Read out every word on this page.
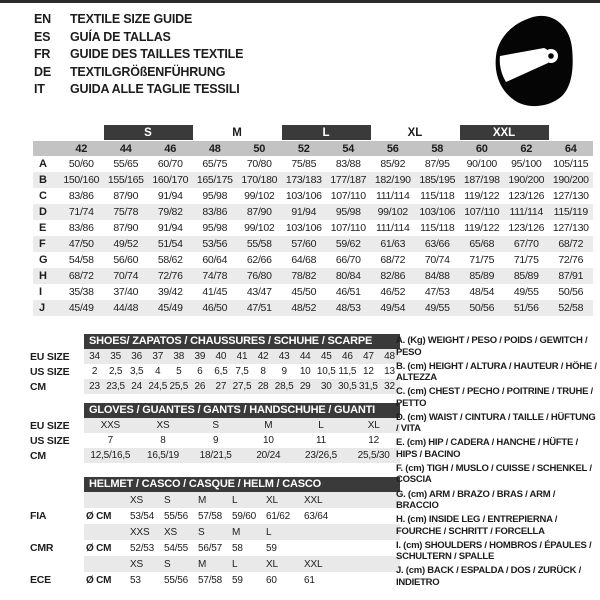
EN	TEXTILE SIZE GUIDE
ES	GUÍA DE TALLAS
FR	GUIDE DES TAILLES TEXTILE
DE	TEXTILGRÖßENFÜHRUNG
IT	GUIDA ALLE TAGLIE TESSILI
S	M	L	XL	XXL
42	44	46	48	50	52	54	56	58	60	62	64
A	50/60	55/65	60/70	65/75	70/80	75/85	83/88	85/92	87/95	90/100	95/100	105/115
B	150/160 155/165 160/170 165/175 170/180 173/183 177/187 182/190 185/195 187/198 190/200 190/200
C	83/86	87/90	91/94	95/98	99/102	103/106 107/110 111/114	115/118 119/122 123/126 127/130
D	71/74	75/78	79/82	83/86	87/90	91/94	95/98	99/102	103/106 107/110 111/114	115/119
E	83/86	87/90	91/94	95/98	99/102	103/106 107/110 111/114	115/118 119/122 123/126 127/130
F	47/50	49/52	51/54	53/56	55/58	57/60	59/62	61/63	63/66	65/68	67/70	68/72
G	54/58	56/60	58/62	60/64	62/66	64/68	66/70	68/72	70/74	71/75	71/75	72/76
H	68/72	70/74	72/76	74/78	76/80	78/82	80/84	82/86	84/88	85/89	85/89	87/91
I	35/38	37/40	39/42	41/45	43/47	45/50	46/51	46/52	47/53	48/54	49/55	50/56
J	45/49	44/48	45/49	46/50	47/51	48/52	48/53	49/54	49/55	50/56	51/56	52/58
SHOES/ ZAPATOS / CHAUSSURES / SCHUHE / SCARPE
EU SIZE	34	35	36	37	38	39	40	41	42	43	44	45	46	47	48
US SIZE	2	2,5 3,5	4	5	6	6,5 7,5	8	9	10 10,5 11,5 12	13
CM	23 23,5 24 24,5 25,5 26	27 27,5 28 28,5 29	30 30,5 31,5 32
GLOVES / GUANTES / GANTS / HANDSCHUHE / GUANTI
EU SIZE	XXS	XS	S	M	L	XL
US SIZE	7	8	9	10	11	12
CM	12,5/16,5	16,5/19	18/21,5	20/24	23/26,5	25,5/30
HELMET / CASCO / CASQUE / HELM / CASCO
XS	S	M	L	XL	XXL
FIA	Ø CM	53/54 55/56 57/58 59/60 61/62	63/64
XXS	XS	S	M	L
CMR	Ø CM	52/53 54/55 56/57 58	59
XS	S	M	L	XL	XXL
ECE	Ø CM	53	55/56 57/58 59	60	61
A. (Kg) WEIGHT / PESO / POIDS / GEWITCH / PESO
B. (cm) HEIGHT / ALTURA / HAUTEUR / HÖHE / ALTEZZA
C. (cm) CHEST / PECHO / POITRINE / TRUHE / PETTO
D. (cm) WAIST / CINTURA / TAILLE / HÜFTUNG / VITA
E. (cm) HIP / CADERA / HANCHE / HÜFTE / HIPS / BACINO
F. (cm) TIGH / MUSLO / CUISSE / SCHENKEL / COSCIA
G. (cm) ARM / BRAZO / BRAS / ARM / BRACCIO
H. (cm) INSIDE LEG / ENTREPIERNA / FOURCHE / SCHRITT / FORCELLA
I. (cm) SHOULDERS / HOMBROS / ÉPAULES / SCHULTERN / SPALLE
J. (cm) BACK / ESPALDA / DOS / ZURÜCK / INDIETRO
